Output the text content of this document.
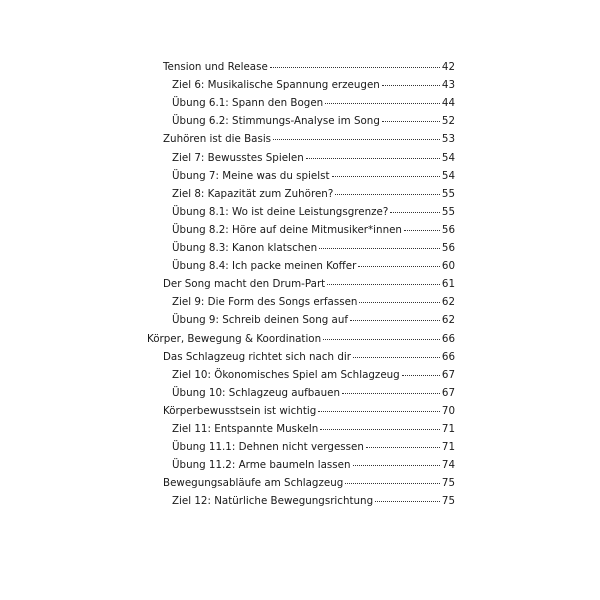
Tension und Release	42
Ziel 6: Musikalische Spannung erzeugen	43
Übung 6.1: Spann den Bogen	44
Übung 6.2: Stimmungs-Analyse im Song	52
Zuhören ist die Basis	53
Ziel 7: Bewusstes Spielen	54
Übung 7: Meine was du spielst	54
Ziel 8: Kapazität zum Zuhören?	55
Übung 8.1: Wo ist deine Leistungsgrenze?	55
Übung 8.2: Höre auf deine Mitmusiker*innen	56
Übung 8.3: Kanon klatschen	56
Übung 8.4: Ich packe meinen Koffer	60
Der Song macht den Drum-Part	61
Ziel 9: Die Form des Songs erfassen	62
Übung 9: Schreib deinen Song auf	62
Körper, Bewegung & Koordination	66
Das Schlagzeug richtet sich nach dir	66
Ziel 10: Ökonomisches Spiel am Schlagzeug	67
Übung 10: Schlagzeug aufbauen	67
Körperbewusstsein ist wichtig	70
Ziel 11: Entspannte Muskeln	71
Übung 11.1: Dehnen nicht vergessen	71
Übung 11.2: Arme baumeln lassen	74
Bewegungsabläufe am Schlagzeug	75
Ziel 12: Natürliche Bewegungsrichtung	75
